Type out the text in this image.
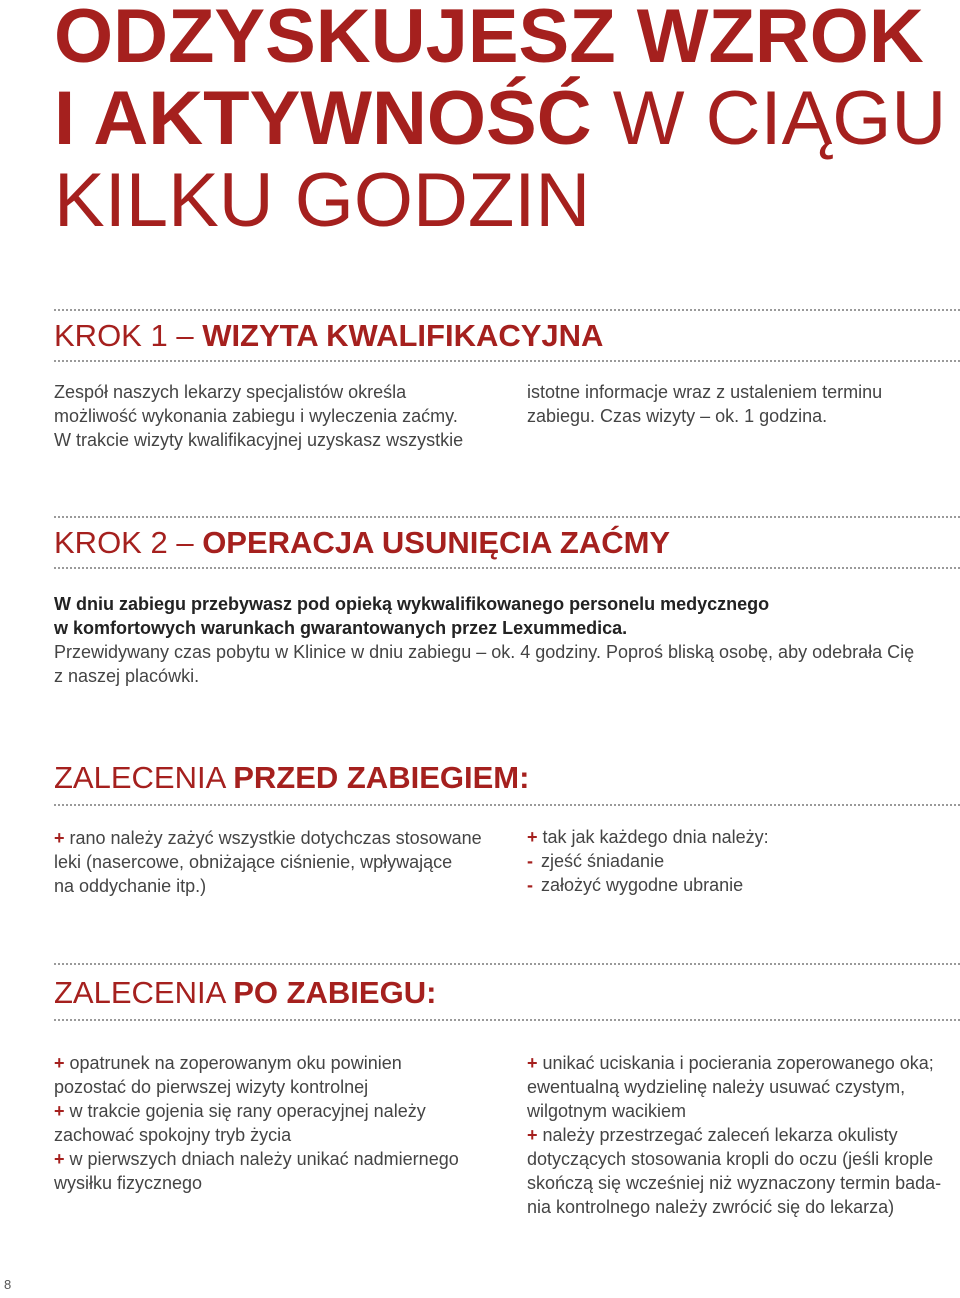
ODZYSKUJESZ WZROK
I AKTYWNOŚĆ W CIĄGU
KILKU GODZIN
KROK 1 – WIZYTA KWALIFIKACYJNA

Zespół naszych lekarzy specjalistów określa

możliwość wykonania zabiegu i wyleczenia zaćmy.

W trakcie wizyty kwalifikacyjnej uzyskasz wszystkie

istotne informacje wraz z ustaleniem terminu

zabiegu. Czas wizyty – ok. 1 godzina.

KROK 2 – OPERACJA USUNIĘCIA ZAĆMY

W dniu zabiegu przebywasz pod opieką wykwalifikowanego personelu medycznego

w komfortowych warunkach gwarantowanych przez Lexummedica.

Przewidywany czas pobytu w Klinice w dniu zabiegu – ok. 4 godziny. Poproś bliską osobę, aby odebrała Cię

z naszej placówki.

ZALECENIA PRZED ZABIEGIEM:

+ rano należy zażyć wszystkie dotychczas stosowane

leki (nasercowe, obniżające ciśnienie, wpływające

na oddychanie itp.)

+ tak jak każdego dnia należy:

- zjeść śniadanie

- założyć wygodne ubranie

ZALECENIA PO ZABIEGU:

+ opatrunek na zoperowanym oku powinien

pozostać do pierwszej wizyty kontrolnej

+ w trakcie gojenia się rany operacyjnej należy

zachować spokojny tryb życia

+ w pierwszych dniach należy unikać nadmiernego

wysiłku fizycznego

+ unikać uciskania i pocierania zoperowanego oka;

ewentualną wydzielinę należy usuwać czystym,

wilgotnym wacikiem

+ należy przestrzegać zaleceń lekarza okulisty

dotyczących stosowania kropli do oczu (jeśli krople

skończą się wcześniej niż wyznaczony termin bada-

nia kontrolnego należy zwrócić się do lekarza)

8
